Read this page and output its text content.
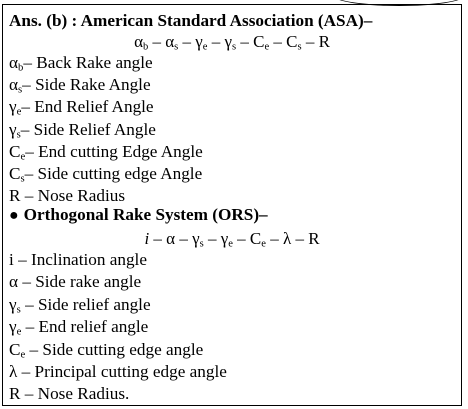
Ans. (b) : American Standard Association (ASA)–
$\alpha_b - \alpha_s - \gamma_e - \gamma_s - C_e - C_s$ – R
$\alpha_b-$ Back Rake angle
$\alpha_s-$ Side Rake Angle
$\gamma_e-$ End Relief Angle
$\gamma_s-$ Side Relief Angle
$C_e-$ End cutting Edge Angle
$C_s-$ Side cutting edge Angle
R – Nose Radius
● Orthogonal Rake System (ORS)–
i – α – $\gamma_s - \gamma_e - C_e$ – λ – R
i – Inclination angle
α – Side rake angle
$\gamma_s$ – Side relief angle
$\gamma_e$ – End relief angle
$C_e$ – Side cutting edge angle
λ – Principal cutting edge angle
R – Nose Radius.
